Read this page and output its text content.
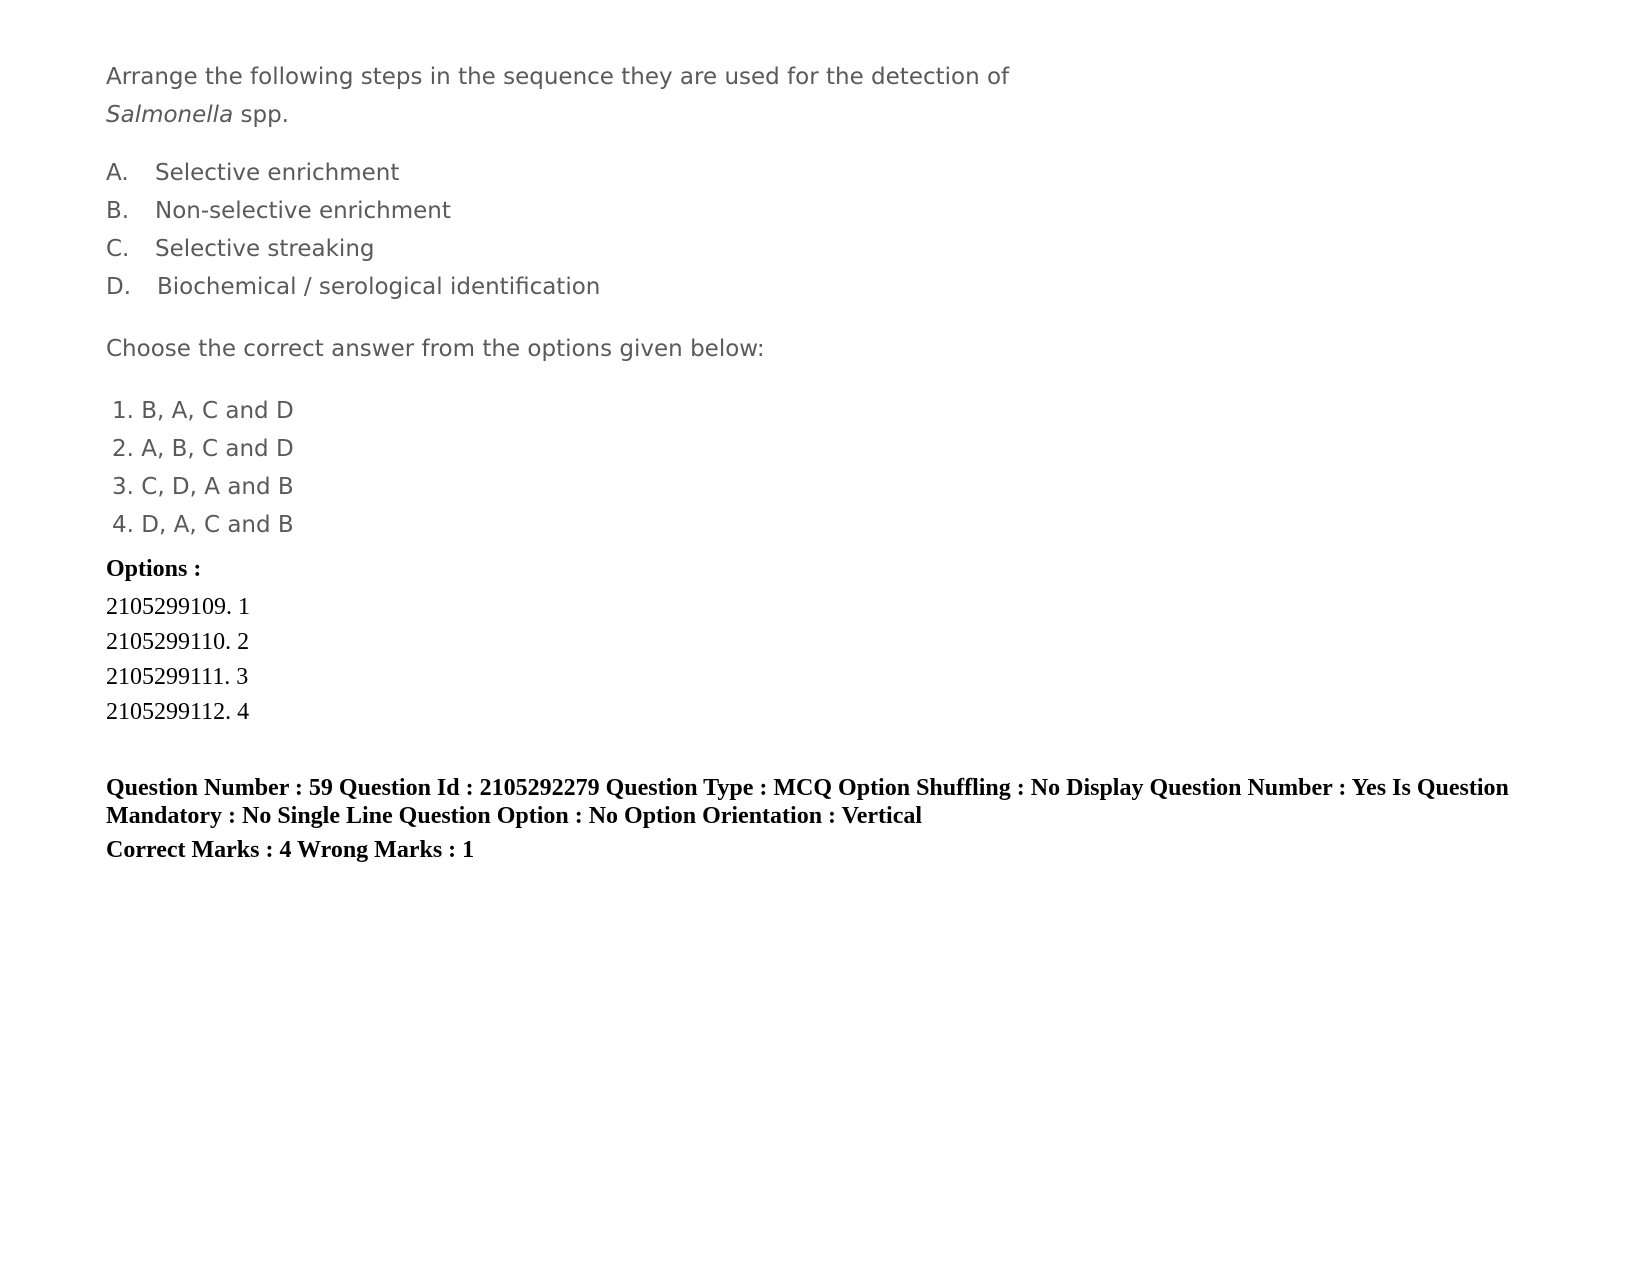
Arrange the following steps in the sequence they are used for the detection of Salmonella spp.
A. Selective enrichment
B. Non-selective enrichment
C. Selective streaking
D. Biochemical / serological identification
Choose the correct answer from the options given below:
1. B, A, C and D
2. A, B, C and D
3. C, D, A and B
4. D, A, C and B
Options :
2105299109. 1
2105299110. 2
2105299111. 3
2105299112. 4
Question Number : 59 Question Id : 2105292279 Question Type : MCQ Option Shuffling : No Display Question Number : Yes Is Question Mandatory : No Single Line Question Option : No Option Orientation : Vertical
Correct Marks : 4 Wrong Marks : 1
